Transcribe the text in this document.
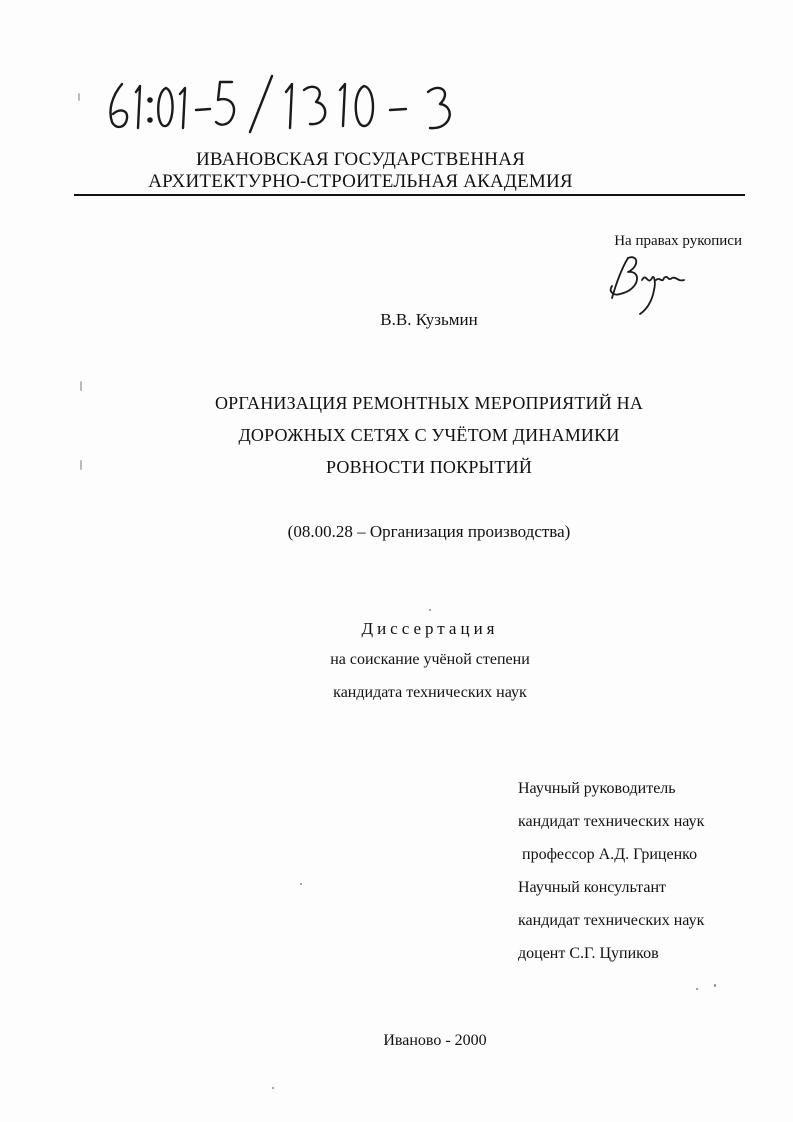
ИВАНОВСКАЯ ГОСУДАРСТВЕННАЯ
АРХИТЕКТУРНО-СТРОИТЕЛЬНАЯ АКАДЕМИЯ
На правах рукописи
В.В. Кузьмин
ОРГАНИЗАЦИЯ РЕМОНТНЫХ МЕРОПРИЯТИЙ НА
ДОРОЖНЫХ СЕТЯХ С УЧЁТОМ ДИНАМИКИ
РОВНОСТИ ПОКРЫТИЙ
(08.00.28 – Организация производства)
Диссертация
на соискание учёной степени
кандидата технических наук
Научный руководитель
кандидат технических наук
профессор А.Д. Гриценко
Научный консультант
кандидат технических наук
доцент С.Г. Цупиков
Иваново - 2000
